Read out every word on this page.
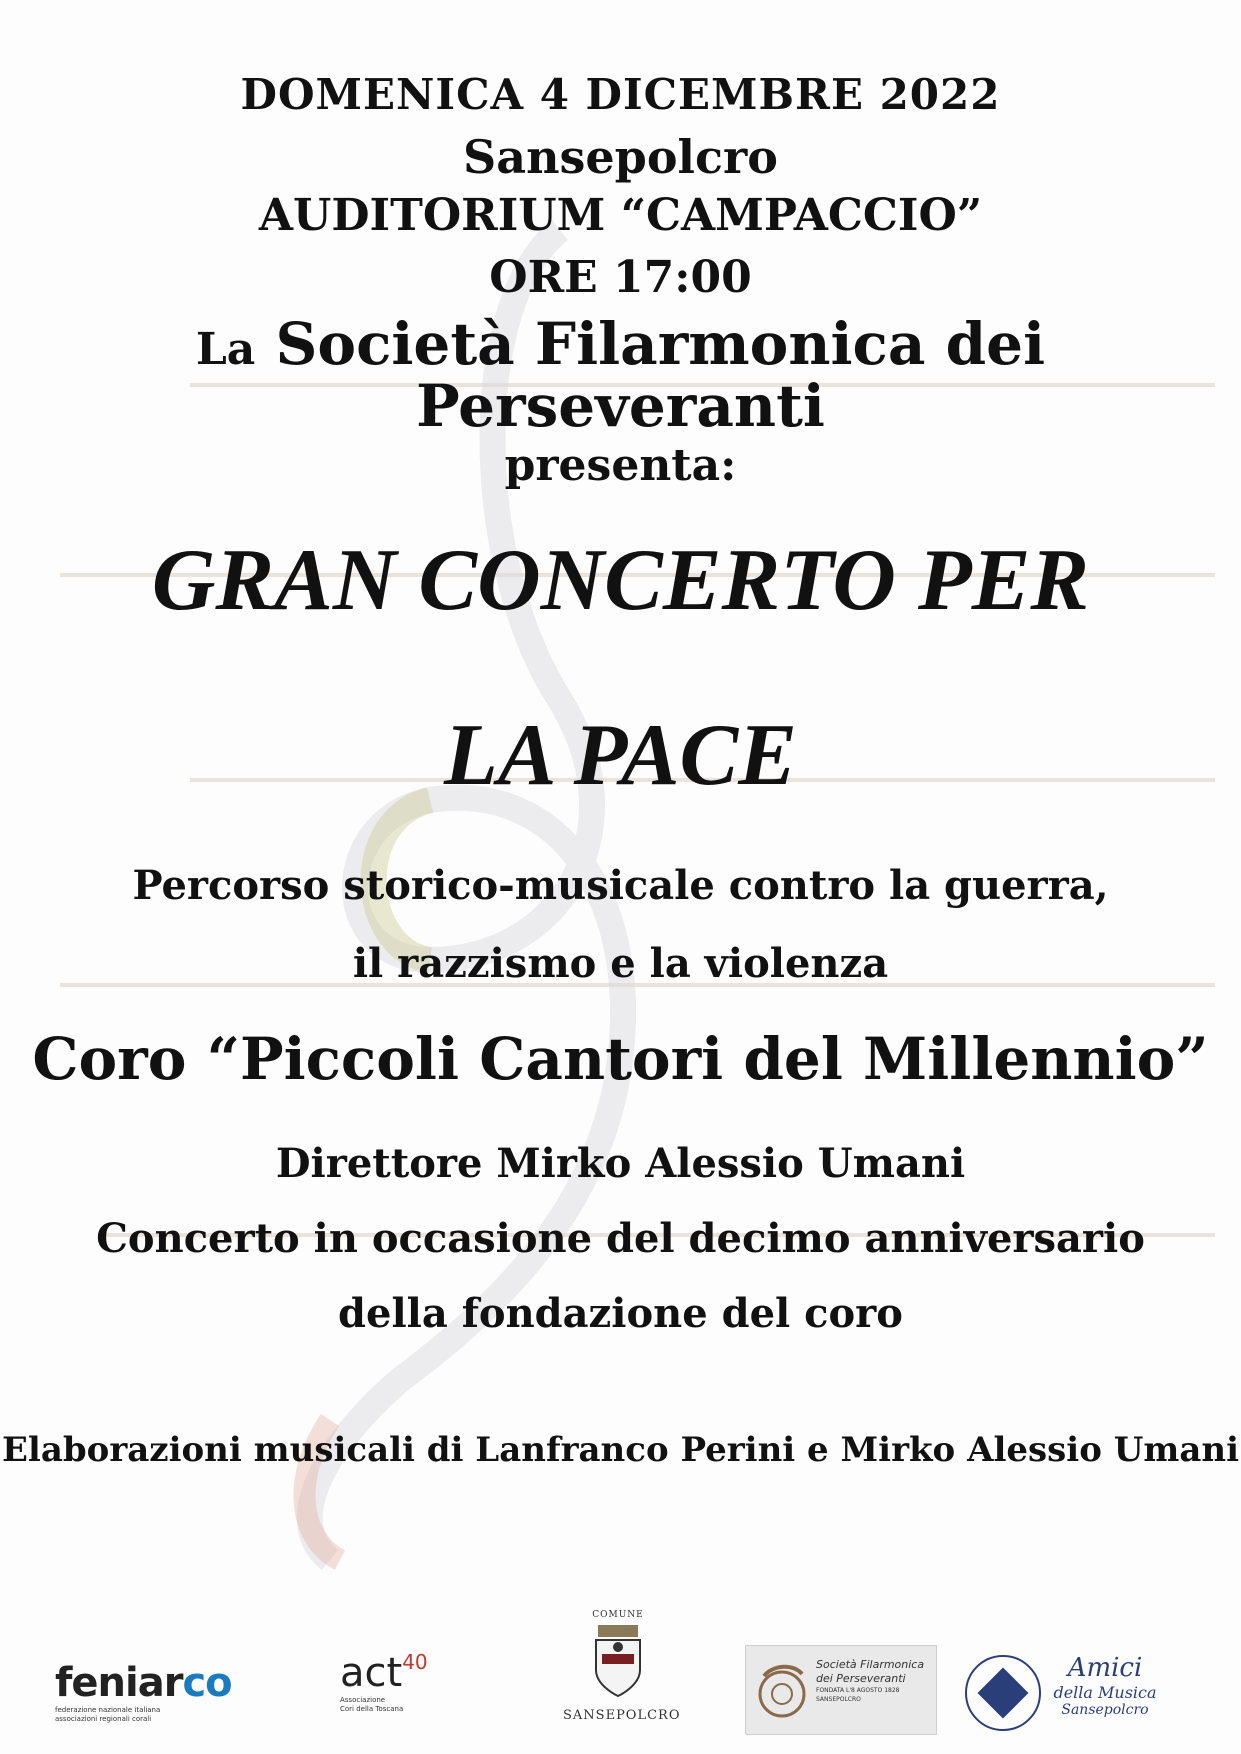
DOMENICA 4 DICEMBRE 2022
Sansepolcro
AUDITORIUM “CAMPACCIO”
ORE 17:00
La Società Filarmonica dei
Perseveranti
presenta:
GRAN CONCERTO PER
LA PACE
Percorso storico-musicale contro la guerra,
il razzismo e la violenza
Coro “Piccoli Cantori del Millennio”
Direttore Mirko Alessio Umani
Concerto in occasione del decimo anniversario
della fondazione del coro
Elaborazioni musicali di Lanfranco Perini e Mirko Alessio Umani
feniarco
federazione nazionale italiana
associazioni regionali corali
act40
Associazione
Cori della Toscana
COMUNE
SANSEPOLCRO
Società Filarmonica
dei Perseveranti
FONDATA L'8 AGOSTO 1828
SANSEPOLCRO
Amici
della Musica
Sansepolcro
